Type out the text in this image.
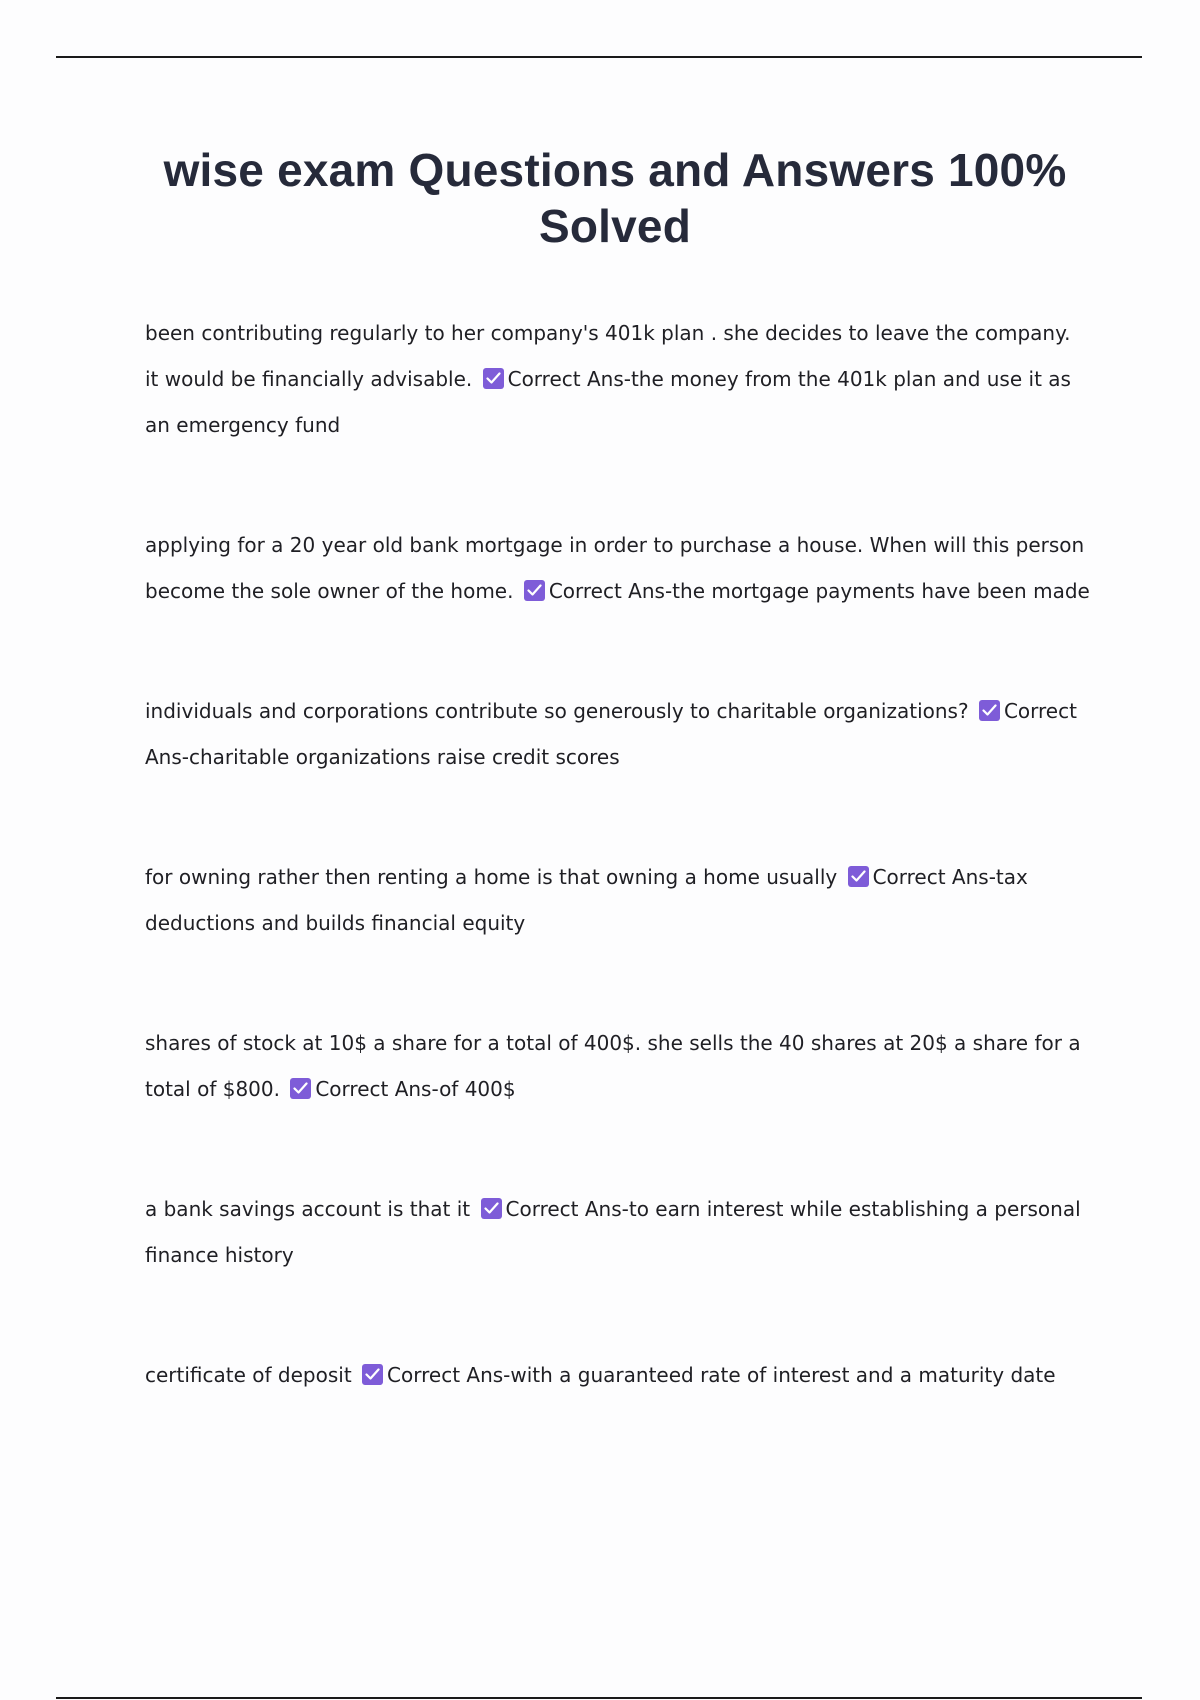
wise exam Questions and Answers 100% Solved

been contributing regularly to her company's 401k plan . she decides to leave the company. it would be financially advisable. Correct Ans-the money from the 401k plan and use it as an emergency fund

applying for a 20 year old bank mortgage in order to purchase a house. When will this person become the sole owner of the home. Correct Ans-the mortgage payments have been made

individuals and corporations contribute so generously to charitable organizations? Correct Ans-charitable organizations raise credit scores

for owning rather then renting a home is that owning a home usually Correct Ans-tax deductions and builds financial equity

shares of stock at 10$ a share for a total of 400$. she sells the 40 shares at 20$ a share for a total of $800. Correct Ans-of 400$

a bank savings account is that it Correct Ans-to earn interest while establishing a personal finance history

certificate of deposit Correct Ans-with a guaranteed rate of interest and a maturity date
